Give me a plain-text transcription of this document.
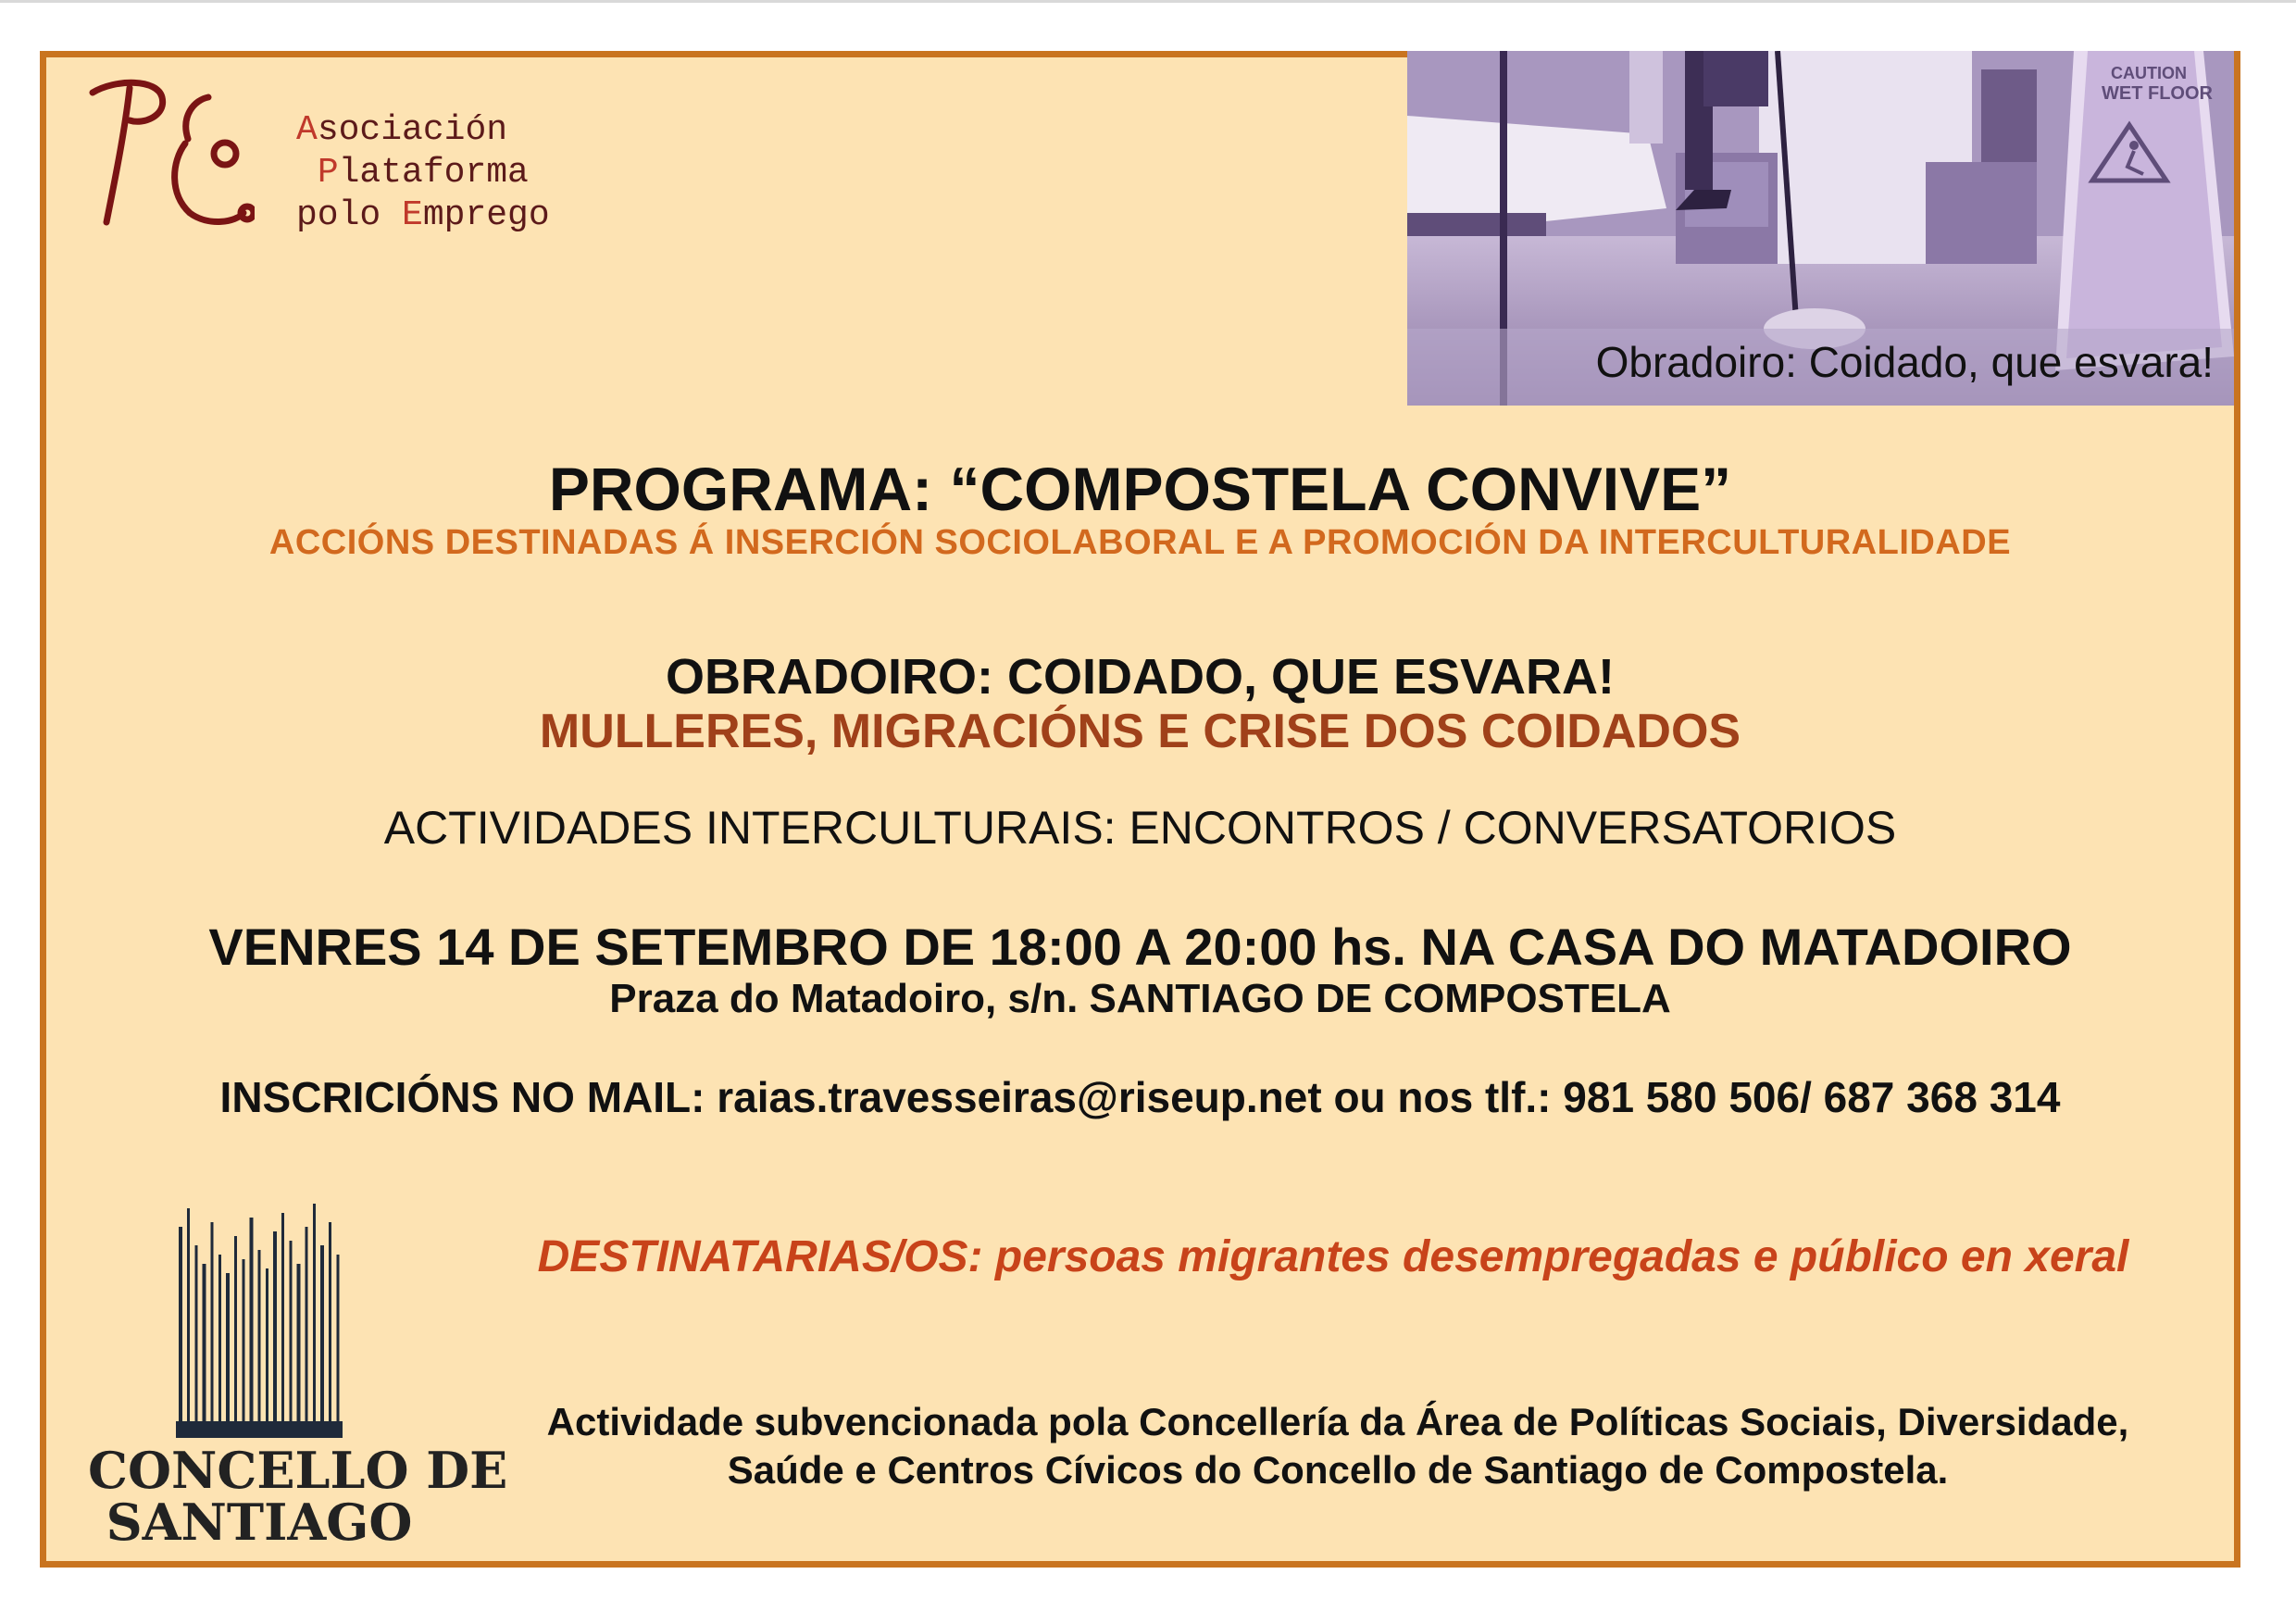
Asociación
Plataforma
polo Emprego
CAUTION
WET FLOOR
Obradoiro: Coidado, que esvara!
PROGRAMA: “COMPOSTELA CONVIVE”
ACCIÓNS DESTINADAS Á INSERCIÓN SOCIOLABORAL E A PROMOCIÓN DA INTERCULTURALIDADE
OBRADOIRO: COIDADO, QUE ESVARA!
MULLERES, MIGRACIÓNS E CRISE DOS COIDADOS
ACTIVIDADES INTERCULTURAIS: ENCONTROS / CONVERSATORIOS
VENRES 14 DE SETEMBRO DE 18:00 A 20:00 hs. NA CASA DO MATADOIRO
Praza do Matadoiro, s/n. SANTIAGO DE COMPOSTELA
INSCRICIÓNS NO MAIL: raias.travesseiras@riseup.net ou nos tlf.: 981 580 506/ 687 368 314
DESTINATARIAS/OS: persoas migrantes desempregadas e público en xeral
Actividade subvencionada pola Concellería da Área de Políticas Sociais, Diversidade,
Saúde e Centros Cívicos do Concello de Santiago de Compostela.
CONCELLO DE
SANTIAGO
